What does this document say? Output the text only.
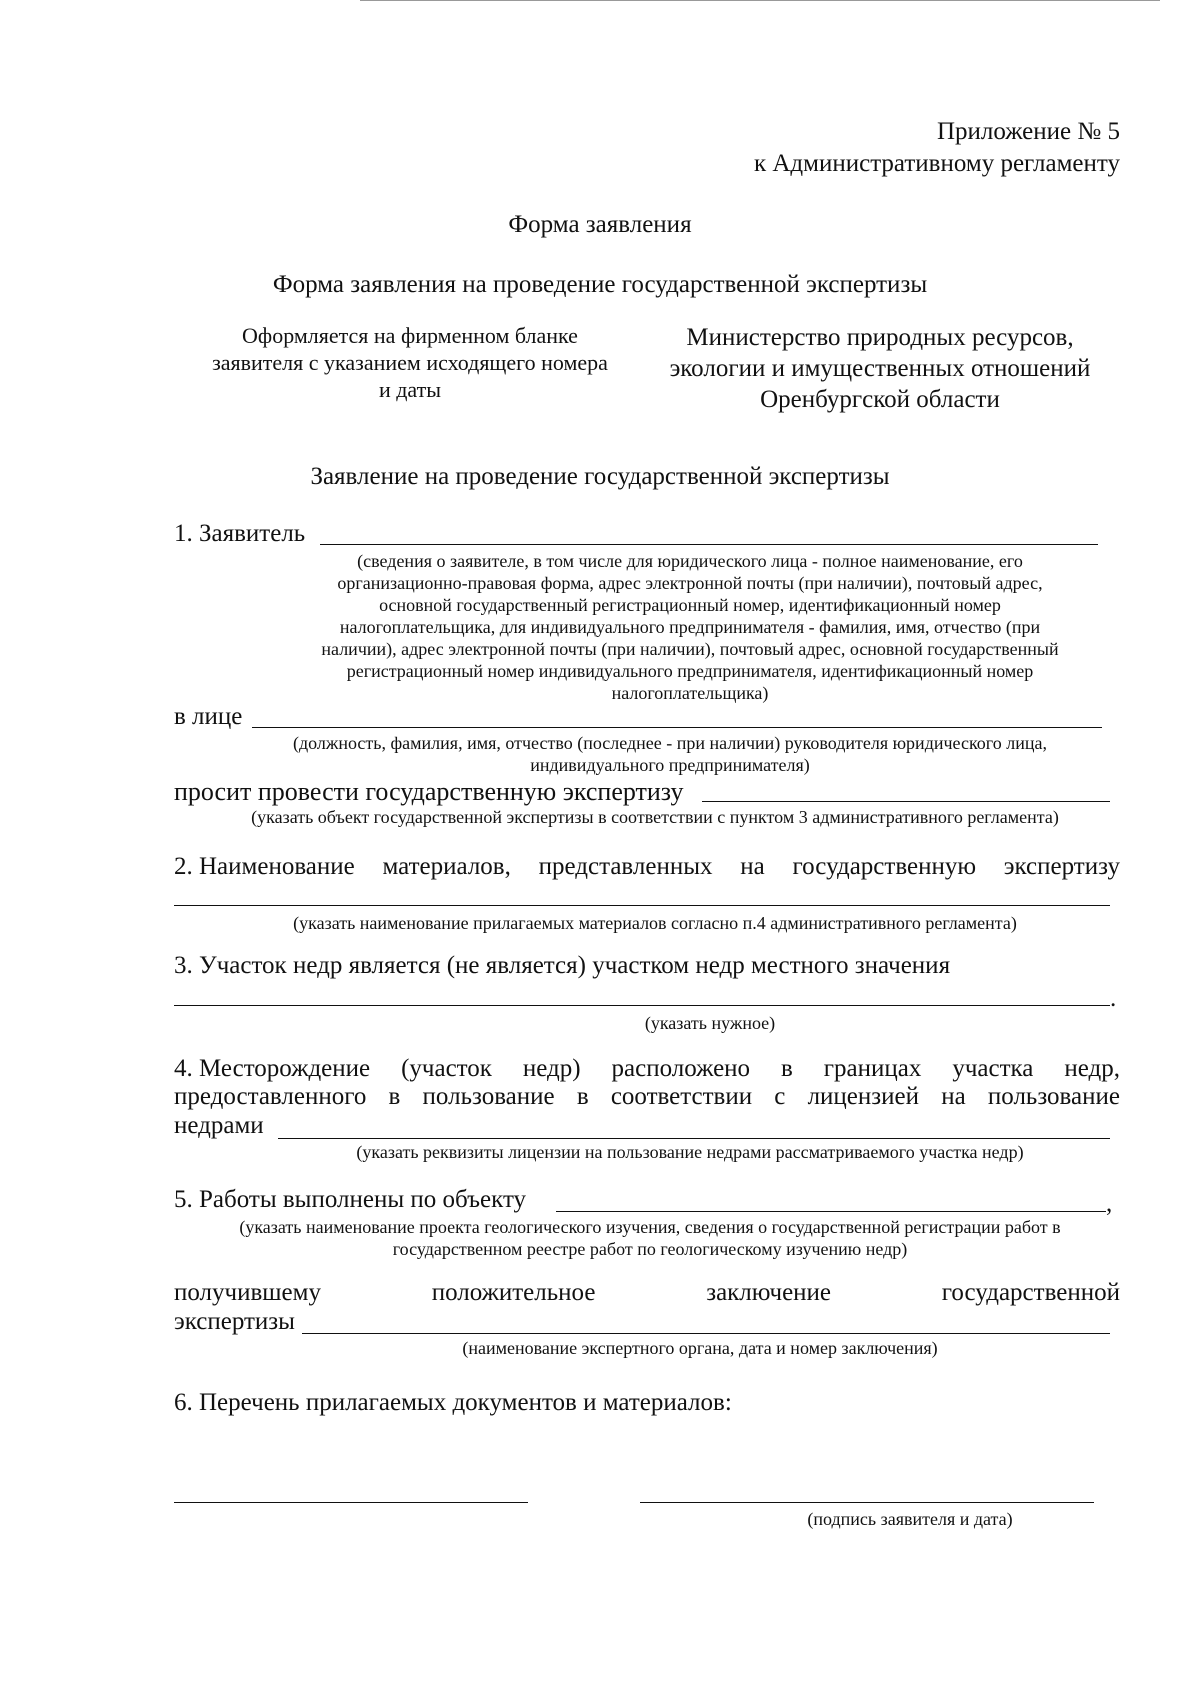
Приложение № 5
к Административному регламенту
Форма заявления
Форма заявления на проведение государственной экспертизы
Оформляется на фирменном бланке
заявителя с указанием исходящего номера
и даты
Министерство природных ресурсов,
экологии и имущественных отношений
Оренбургской области
Заявление на проведение государственной экспертизы
1. Заявитель
(сведения о заявителе, в том числе для юридического лица - полное наименование, его
организационно-правовая форма, адрес электронной почты (при наличии), почтовый адрес,
основной государственный регистрационный номер, идентификационный номер
налогоплательщика, для индивидуального предпринимателя - фамилия, имя, отчество (при
наличии), адрес электронной почты (при наличии), почтовый адрес, основной государственный
регистрационный номер индивидуального предпринимателя, идентификационный номер
налогоплательщика)
в лице
(должность, фамилия, имя, отчество (последнее - при наличии) руководителя юридического лица,
индивидуального предпринимателя)
просит провести государственную экспертизу
(указать объект государственной экспертизы в соответствии с пунктом 3 административного регламента)
2. Наименование материалов, представленных на государственную экспертизу
(указать наименование прилагаемых материалов согласно п.4 административного регламента)
3. Участок недр является (не является) участком недр местного значения
.
(указать нужное)
4. Месторождение (участок недр) расположено в границах участка недр,
предоставленного в пользование в соответствии с лицензией на пользование
недрами
(указать реквизиты лицензии на пользование недрами рассматриваемого участка недр)
5. Работы выполнены по объекту	,
(указать наименование проекта геологического изучения, сведения о государственной регистрации работ в
государственном реестре работ по геологическому изучению недр)
получившему	положительное	заключение	государственной
экспертизы
(наименование экспертного органа, дата и номер заключения)
6. Перечень прилагаемых документов и материалов:
(подпись заявителя и дата)
